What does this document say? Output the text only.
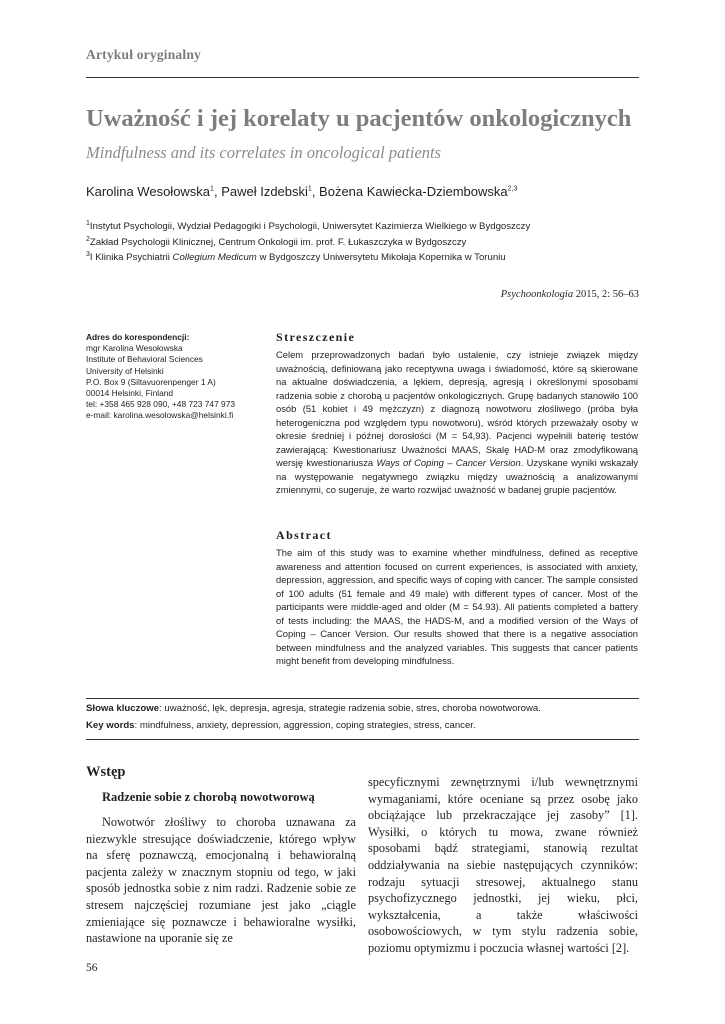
Artykuł oryginalny
Uważność i jej korelaty u pacjentów onkologicznych
Mindfulness and its correlates in oncological patients
Karolina Wesołowska$^1$, Paweł Izdebski$^1$, Bożena Kawiecka-Dziembowska$^{2,3}$
$^1$Instytut Psychologii, Wydział Pedagogiki i Psychologii, Uniwersytet Kazimierza Wielkiego w Bydgoszczy
$^2$Zakład Psychologii Klinicznej, Centrum Onkologii im. prof. F. Łukaszczyka w Bydgoszczy
$^3$I Klinika Psychiatrii Collegium Medicum w Bydgoszczy Uniwersytetu Mikołaja Kopernika w Toruniu
Psychoonkologia 2015, 2: 56–63
Adres do korespondencji:
mgr Karolina Wesołowska
Institute of Behavioral Sciences
University of Helsinki
P.O. Box 9 (Siltavuorenpenger 1 A)
00014 Helsinki, Finland
tel: +358 465 928 090, +48 723 747 973
e-mail: karolina.wesolowska@helsinki.fi
Streszczenie
Celem przeprowadzonych badań było ustalenie, czy istnieje związek między uważnością, definiowaną jako receptywna uwaga i świadomość, które są skierowane na aktualne doświadczenia, a lękiem, depresją, agresją i określonymi sposobami radzenia sobie z chorobą u pacjentów onkologicznych. Grupę badanych stanowiło 100 osób (51 kobiet i 49 mężczyzn) z diagnozą nowotworu złośliwego (próba była heterogeniczna pod względem typu nowotworu), wśród których przeważały osoby w okresie średniej i późnej dorosłości (M = 54,93). Pacjenci wypełnili baterię testów zawierającą: Kwestionariusz Uważności MAAS, Skalę HAD-M oraz zmodyfikowaną wersję kwestionariusza Ways of Coping – Cancer Version. Uzyskane wyniki wskazały na występowanie negatywnego związku między uważnością a analizowanymi zmiennymi, co sugeruje, że warto rozwijać uważność w badanej grupie pacjentów.
Abstract
The aim of this study was to examine whether mindfulness, defined as receptive awareness and attention focused on current experiences, is associated with anxiety, depression, aggression, and specific ways of coping with cancer. The sample consisted of 100 adults (51 female and 49 male) with different types of cancer. Most of the participants were middle-aged and older (M = 54.93). All patients completed a battery of tests including: the MAAS, the HADS-M, and a modified version of the Ways of Coping – Cancer Version. Our results showed that there is a negative association between mindfulness and the analyzed variables. This suggests that cancer patients might benefit from developing mindfulness.
Słowa kluczowe: uważność, lęk, depresja, agresja, strategie radzenia sobie, stres, choroba nowotworowa.
Key words: mindfulness, anxiety, depression, aggression, coping strategies, stress, cancer.
Wstęp
Radzenie sobie z chorobą nowotworową
Nowotwór złośliwy to choroba uznawana za niezwykle stresujące doświadczenie, którego wpływ na sferę poznawczą, emocjonalną i behawioralną pacjenta zależy w znacznym stopniu od tego, w jaki sposób jednostka sobie z nim radzi. Radzenie sobie ze stresem najczęściej rozumiane jest jako „ciągle zmieniające się poznawcze i behawioralne wysiłki, nastawione na uporanie się ze
specyficznymi zewnętrznymi i/lub wewnętrznymi wymaganiami, które oceniane są przez osobę jako obciążające lub przekraczające jej zasoby” [1]. Wysiłki, o których tu mowa, zwane również sposobami bądź strategiami, stanowią rezultat oddziaływania na siebie następujących czynników: rodzaju sytuacji stresowej, aktualnego stanu psychofizycznego jednostki, jej wieku, płci, wykształcenia, a także właściwości osobowościowych, w tym stylu radzenia sobie, poziomu optymizmu i poczucia własnej wartości [2].
56
